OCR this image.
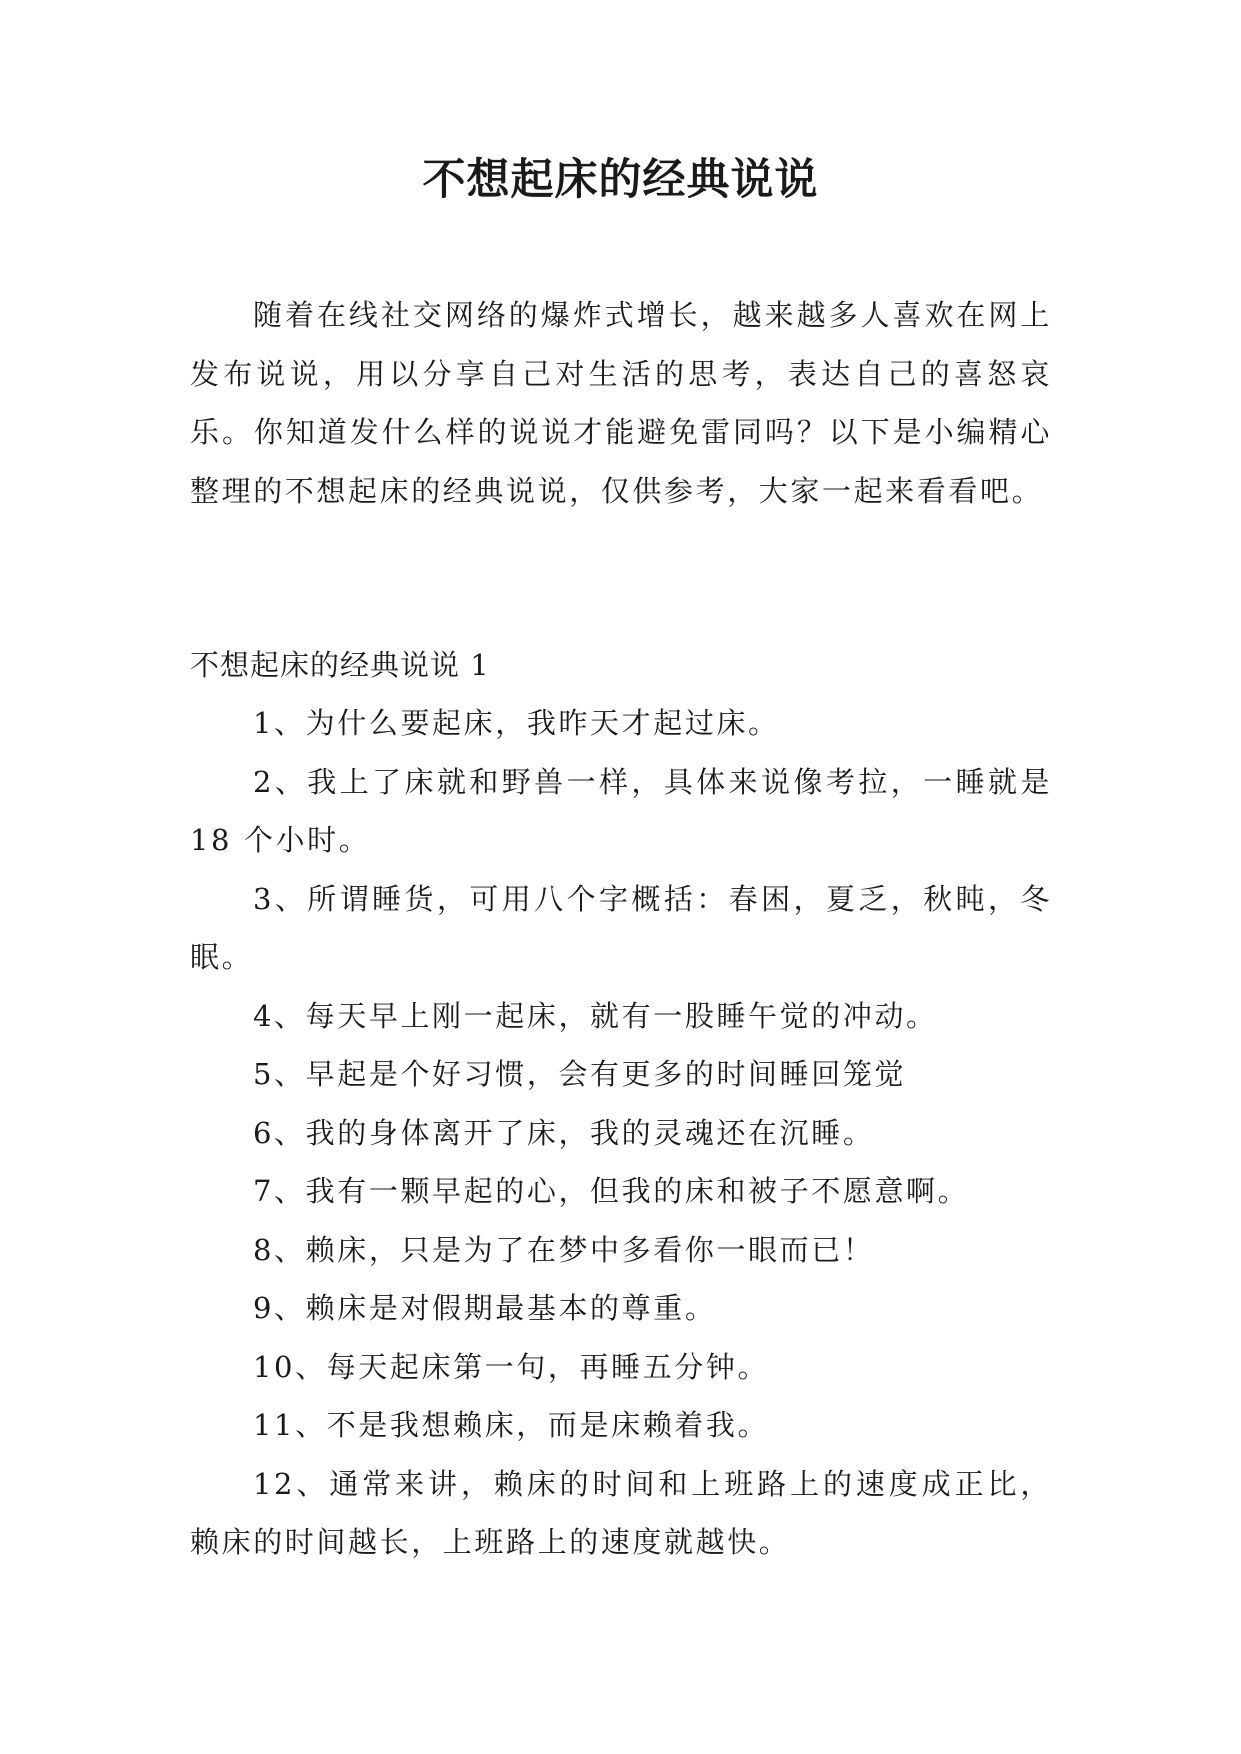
不想起床的经典说说

随着在线社交网络的爆炸式增长，越来越多人喜欢在网上发布说说，用以分享自己对生活的思考，表达自己的喜怒哀乐。你知道发什么样的说说才能避免雷同吗？以下是小编精心整理的不想起床的经典说说，仅供参考，大家一起来看看吧。

不想起床的经典说说 1
1、为什么要起床，我昨天才起过床。
2、我上了床就和野兽一样，具体来说像考拉，一睡就是 18 个小时。
3、所谓睡货，可用八个字概括：春困，夏乏，秋盹，冬眠。
4、每天早上刚一起床，就有一股睡午觉的冲动。
5、早起是个好习惯，会有更多的时间睡回笼觉
6、我的身体离开了床，我的灵魂还在沉睡。
7、我有一颗早起的心，但我的床和被子不愿意啊。
8、赖床，只是为了在梦中多看你一眼而已！
9、赖床是对假期最基本的尊重。
10、每天起床第一句，再睡五分钟。
11、不是我想赖床，而是床赖着我。
12、通常来讲，赖床的时间和上班路上的速度成正比，赖床的时间越长，上班路上的速度就越快。
